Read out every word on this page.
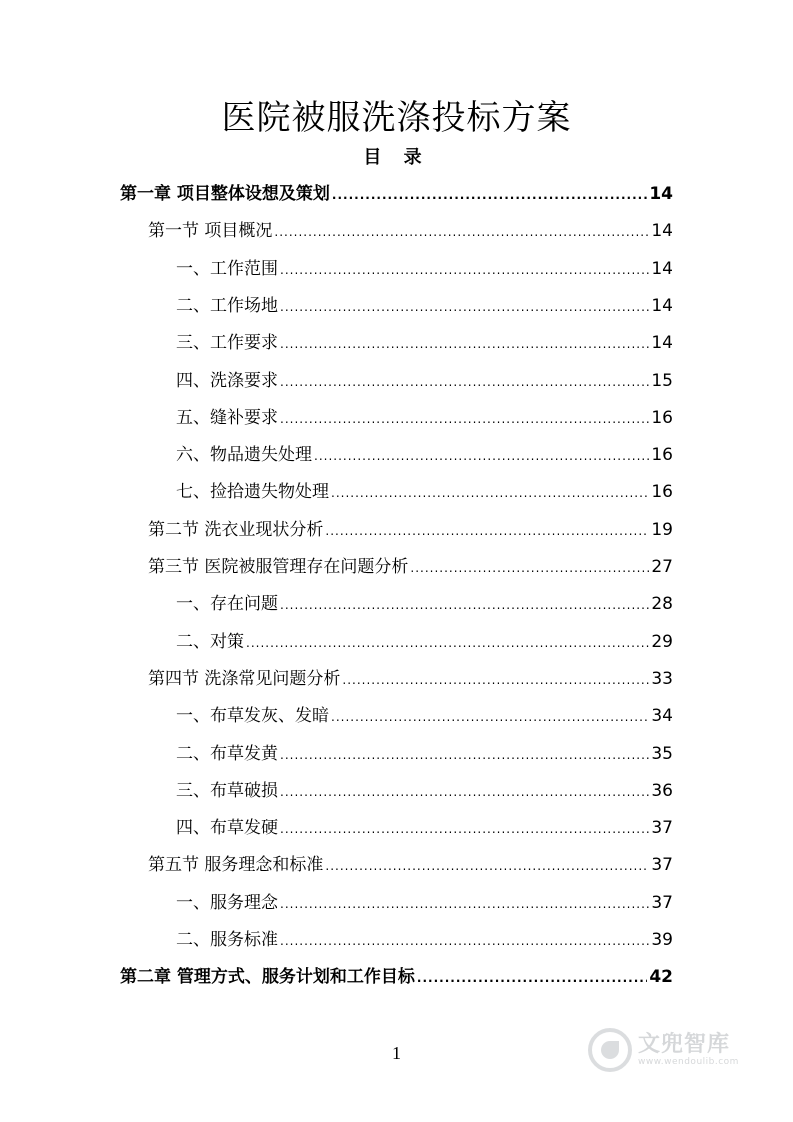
医院被服洗涤投标方案
目 录
第一章 项目整体设想及策划 .....	14
第一节 项目概况 .....	14
一、工作范围 .....	14
二、工作场地 .....	14
三、工作要求 .....	14
四、洗涤要求 .....	15
五、缝补要求 .....	16
六、物品遗失处理 .....	16
七、捡拾遗失物处理 .....	16
第二节 洗衣业现状分析 .....	19
第三节 医院被服管理存在问题分析 .....	27
一、存在问题 .....	28
二、对策 .....	29
第四节 洗涤常见问题分析 .....	33
一、布草发灰、发暗 .....	34
二、布草发黄 .....	35
三、布草破损 .....	36
四、布草发硬 .....	37
第五节 服务理念和标准 .....	37
一、服务理念 .....	37
二、服务标准 .....	39
第二章 管理方式、服务计划和工作目标 .....	42
1	文兜智库
www.wendoulib.com
